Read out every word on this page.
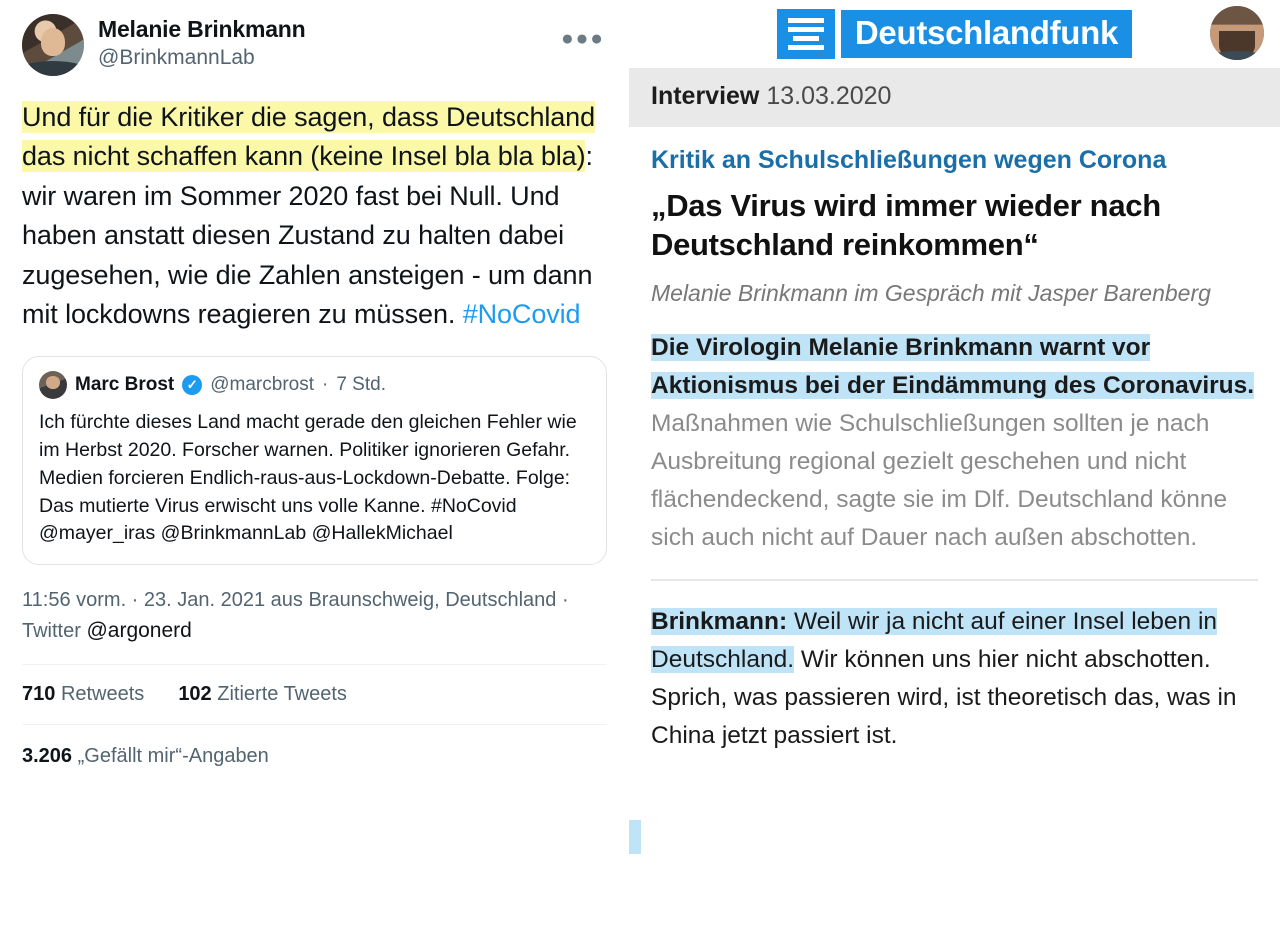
Melanie Brinkmann
@BrinkmannLab
●●●
Und für die Kritiker die sagen, dass Deutschland das nicht schaffen kann (keine Insel bla bla bla): wir waren im Sommer 2020 fast bei Null. Und haben anstatt diesen Zustand zu halten dabei zugesehen, wie die Zahlen ansteigen - um dann mit lockdowns reagieren zu müssen. #NoCovid
Marc Brost ✓ @marcbrost · 7 Std.
Ich fürchte dieses Land macht gerade den gleichen Fehler wie im Herbst 2020. Forscher warnen. Politiker ignorieren Gefahr. Medien forcieren Endlich-raus-aus-Lockdown-Debatte. Folge: Das mutierte Virus erwischt uns volle Kanne. #NoCovid @mayer_iras @BrinkmannLab @HallekMichael
11:56 vorm. · 23. Jan. 2021 aus Braunschweig, Deutschland · Twitter @argonerd
710 Retweets 102 Zitierte Tweets
3.206 „Gefällt mir“-Angaben
Deutschlandfunk
Interview 13.03.2020
Kritik an Schulschließungen wegen Corona
„Das Virus wird immer wieder nach Deutschland reinkommen“
Melanie Brinkmann im Gespräch mit Jasper Barenberg
Die Virologin Melanie Brinkmann warnt vor Aktionismus bei der Eindämmung des Coronavirus. Maßnahmen wie Schulschließungen sollten je nach Ausbreitung regional gezielt geschehen und nicht flächendeckend, sagte sie im Dlf. Deutschland könne sich auch nicht auf Dauer nach außen abschotten.
Brinkmann: Weil wir ja nicht auf einer Insel leben in Deutschland. Wir können uns hier nicht abschotten. Sprich, was passieren wird, ist theoretisch das, was in China jetzt passiert ist.
